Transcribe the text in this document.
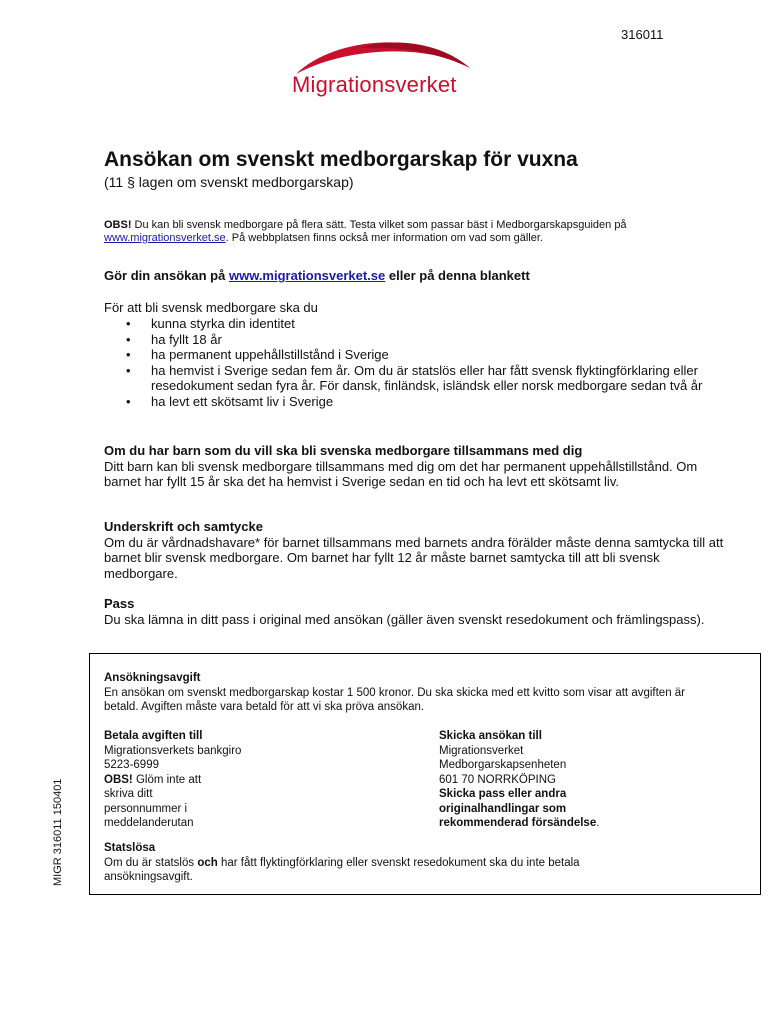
316011
Migrationsverket
Ansökan om svenskt medborgarskap för vuxna
(11 § lagen om svenskt medborgarskap)
OBS! Du kan bli svensk medborgare på flera sätt. Testa vilket som passar bäst i Medborgarskapsguiden på www.migrationsverket.se. På webbplatsen finns också mer information om vad som gäller.
Gör din ansökan på www.migrationsverket.se eller på denna blankett
För att bli svensk medborgare ska du
• kunna styrka din identitet
• ha fyllt 18 år
• ha permanent uppehållstillstånd i Sverige
• ha hemvist i Sverige sedan fem år. Om du är statslös eller har fått svensk flyktingförklaring eller resedokument sedan fyra år. För dansk, finländsk, isländsk eller norsk medborgare sedan två år
• ha levt ett skötsamt liv i Sverige
Om du har barn som du vill ska bli svenska medborgare tillsammans med dig
Ditt barn kan bli svensk medborgare tillsammans med dig om det har permanent uppehållstillstånd. Om barnet har fyllt 15 år ska det ha hemvist i Sverige sedan en tid och ha levt ett skötsamt liv.
Underskrift och samtycke
Om du är vårdnadshavare* för barnet tillsammans med barnets andra förälder måste denna samtycka till att barnet blir svensk medborgare. Om barnet har fyllt 12 år måste barnet samtycka till att bli svensk medborgare.
Pass
Du ska lämna in ditt pass i original med ansökan (gäller även svenskt resedokument och främlingspass).
Ansökningsavgift
En ansökan om svenskt medborgarskap kostar 1 500 kronor. Du ska skicka med ett kvitto som visar att avgiften är betald. Avgiften måste vara betald för att vi ska pröva ansökan.
Betala avgiften till
Migrationsverkets bankgiro
5223-6999
OBS! Glöm inte att
skriva ditt
personnummer i
meddelanderutan
Skicka ansökan till
Migrationsverket
Medborgarskapsenheten
601 70 NORRKÖPING
Skicka pass eller andra
originalhandlingar som
rekommenderad försändelse.
Statslösa
Om du är statslös och har fått flyktingförklaring eller svenskt resedokument ska du inte betala ansökningsavgift.
MIGR 316011 150401
